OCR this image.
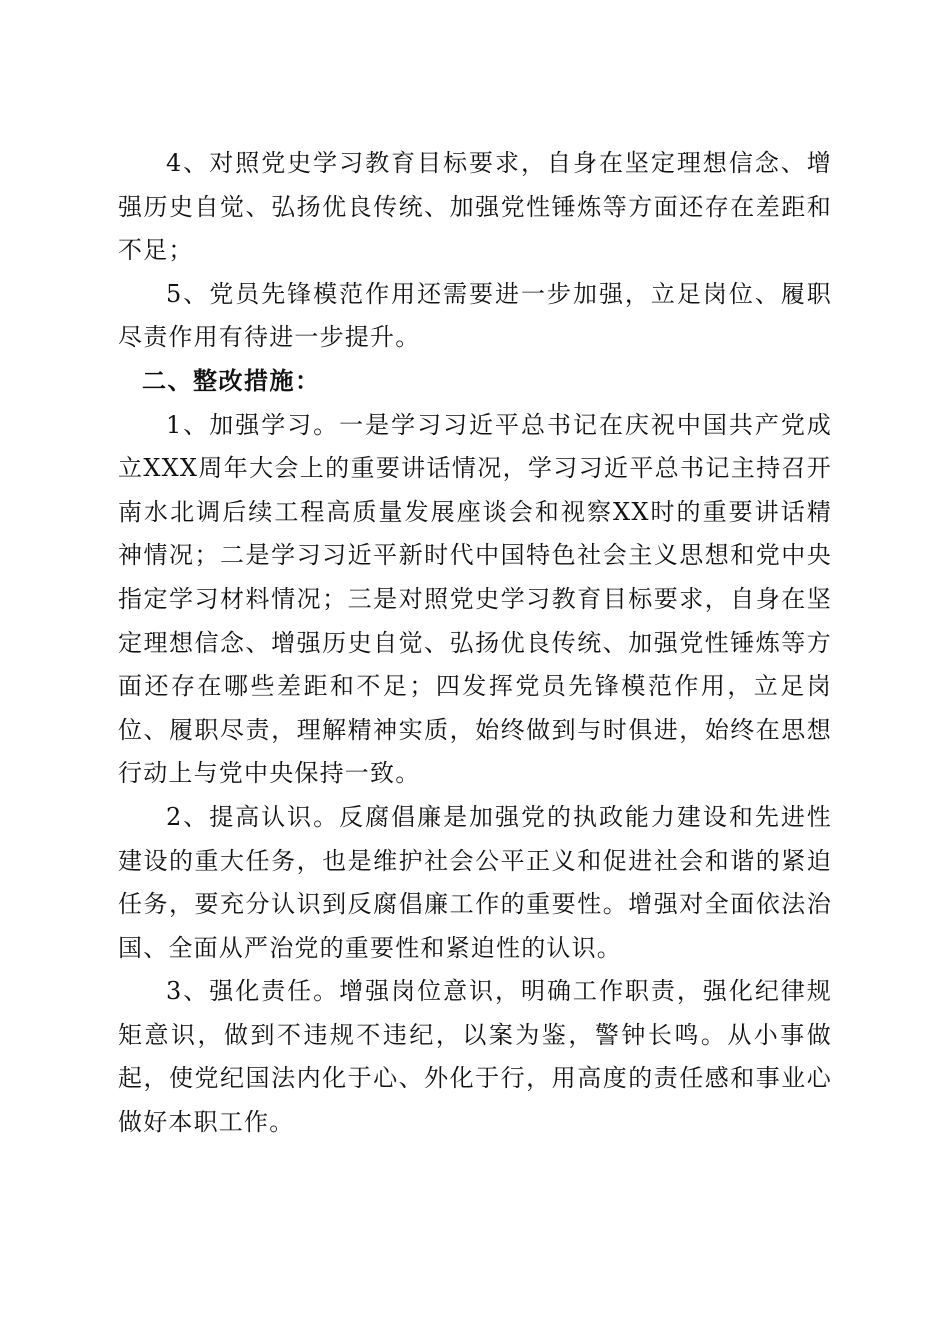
4、对照党史学习教育目标要求，自身在坚定理想信念、增强历史自觉、弘扬优良传统、加强党性锤炼等方面还存在差距和不足；

5、党员先锋模范作用还需要进一步加强，立足岗位、履职尽责作用有待进一步提升。

二、整改措施：

1、加强学习。一是学习习近平总书记在庆祝中国共产党成立XXX周年大会上的重要讲话情况，学习习近平总书记主持召开南水北调后续工程高质量发展座谈会和视察XX时的重要讲话精神情况；二是学习习近平新时代中国特色社会主义思想和党中央指定学习材料情况；三是对照党史学习教育目标要求，自身在坚定理想信念、增强历史自觉、弘扬优良传统、加强党性锤炼等方面还存在哪些差距和不足；四发挥党员先锋模范作用，立足岗位、履职尽责，理解精神实质，始终做到与时俱进，始终在思想行动上与党中央保持一致。

2、提高认识。反腐倡廉是加强党的执政能力建设和先进性建设的重大任务，也是维护社会公平正义和促进社会和谐的紧迫任务，要充分认识到反腐倡廉工作的重要性。增强对全面依法治国、全面从严治党的重要性和紧迫性的认识。

3、强化责任。增强岗位意识，明确工作职责，强化纪律规矩意识，做到不违规不违纪，以案为鉴，警钟长鸣。从小事做起，使党纪国法内化于心、外化于行，用高度的责任感和事业心做好本职工作。
